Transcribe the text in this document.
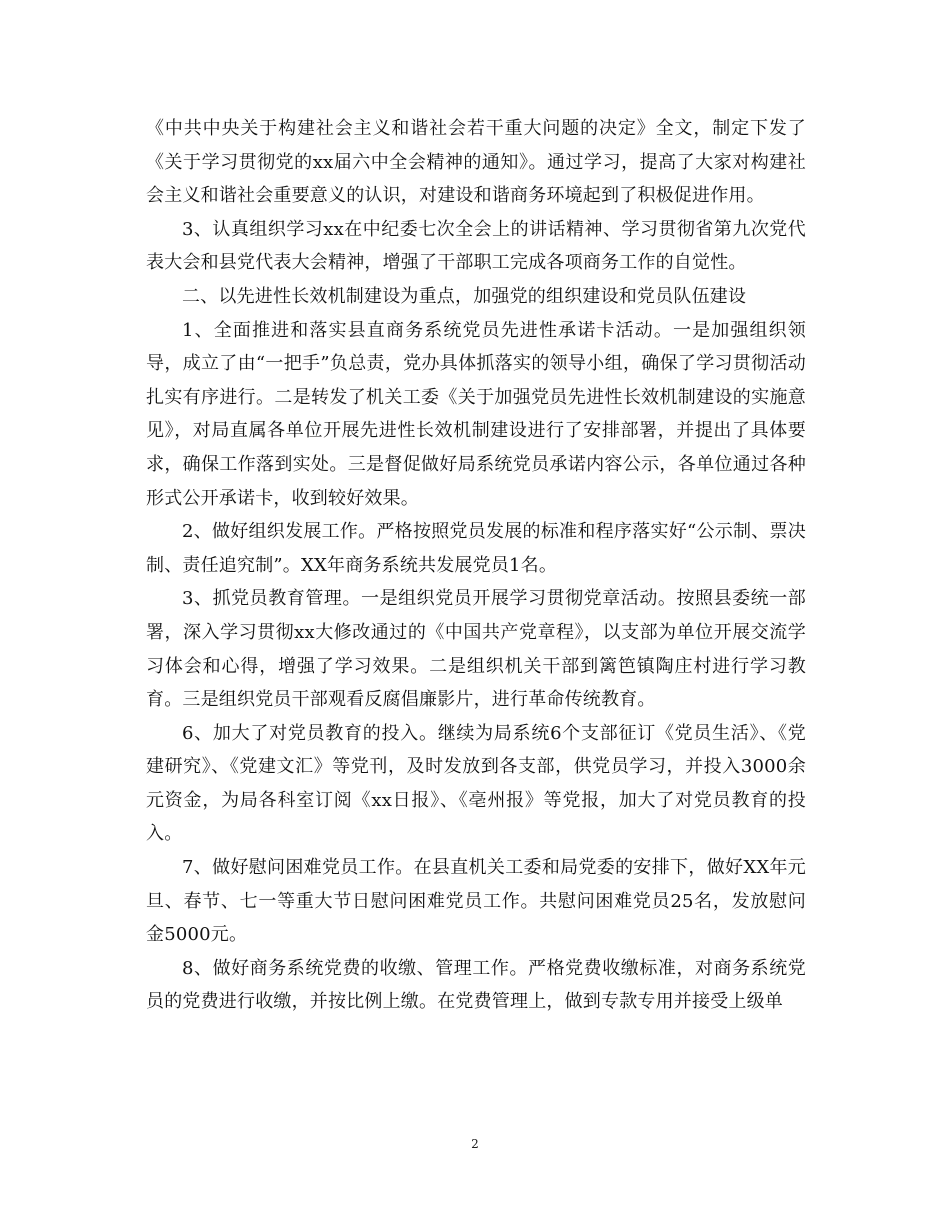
《中共中央关于构建社会主义和谐社会若干重大问题的决定》全文，制定下发了《关于学习贯彻党的xx届六中全会精神的通知》。通过学习，提高了大家对构建社会主义和谐社会重要意义的认识，对建设和谐商务环境起到了积极促进作用。

3、认真组织学习xx在中纪委七次全会上的讲话精神、学习贯彻省第九次党代表大会和县党代表大会精神，增强了干部职工完成各项商务工作的自觉性。

二、以先进性长效机制建设为重点，加强党的组织建设和党员队伍建设

1、全面推进和落实县直商务系统党员先进性承诺卡活动。一是加强组织领导，成立了由“一把手”负总责，党办具体抓落实的领导小组，确保了学习贯彻活动扎实有序进行。二是转发了机关工委《关于加强党员先进性长效机制建设的实施意见》，对局直属各单位开展先进性长效机制建设进行了安排部署，并提出了具体要求，确保工作落到实处。三是督促做好局系统党员承诺内容公示，各单位通过各种形式公开承诺卡，收到较好效果。

2、做好组织发展工作。严格按照党员发展的标准和程序落实好“公示制、票决制、责任追究制”。XX年商务系统共发展党员1名。

3、抓党员教育管理。一是组织党员开展学习贯彻党章活动。按照县委统一部署，深入学习贯彻xx大修改通过的《中国共产党章程》，以支部为单位开展交流学习体会和心得，增强了学习效果。二是组织机关干部到篱笆镇陶庄村进行学习教育。三是组织党员干部观看反腐倡廉影片，进行革命传统教育。

6、加大了对党员教育的投入。继续为局系统6个支部征订《党员生活》、《党建研究》、《党建文汇》等党刊，及时发放到各支部，供党员学习，并投入3000余元资金，为局各科室订阅《xx日报》、《亳州报》等党报，加大了对党员教育的投入。

7、做好慰问困难党员工作。在县直机关工委和局党委的安排下，做好XX年元旦、春节、七一等重大节日慰问困难党员工作。共慰问困难党员25名，发放慰问金5000元。

8、做好商务系统党费的收缴、管理工作。严格党费收缴标准，对商务系统党员的党费进行收缴，并按比例上缴。在党费管理上，做到专款专用并接受上级单

2
